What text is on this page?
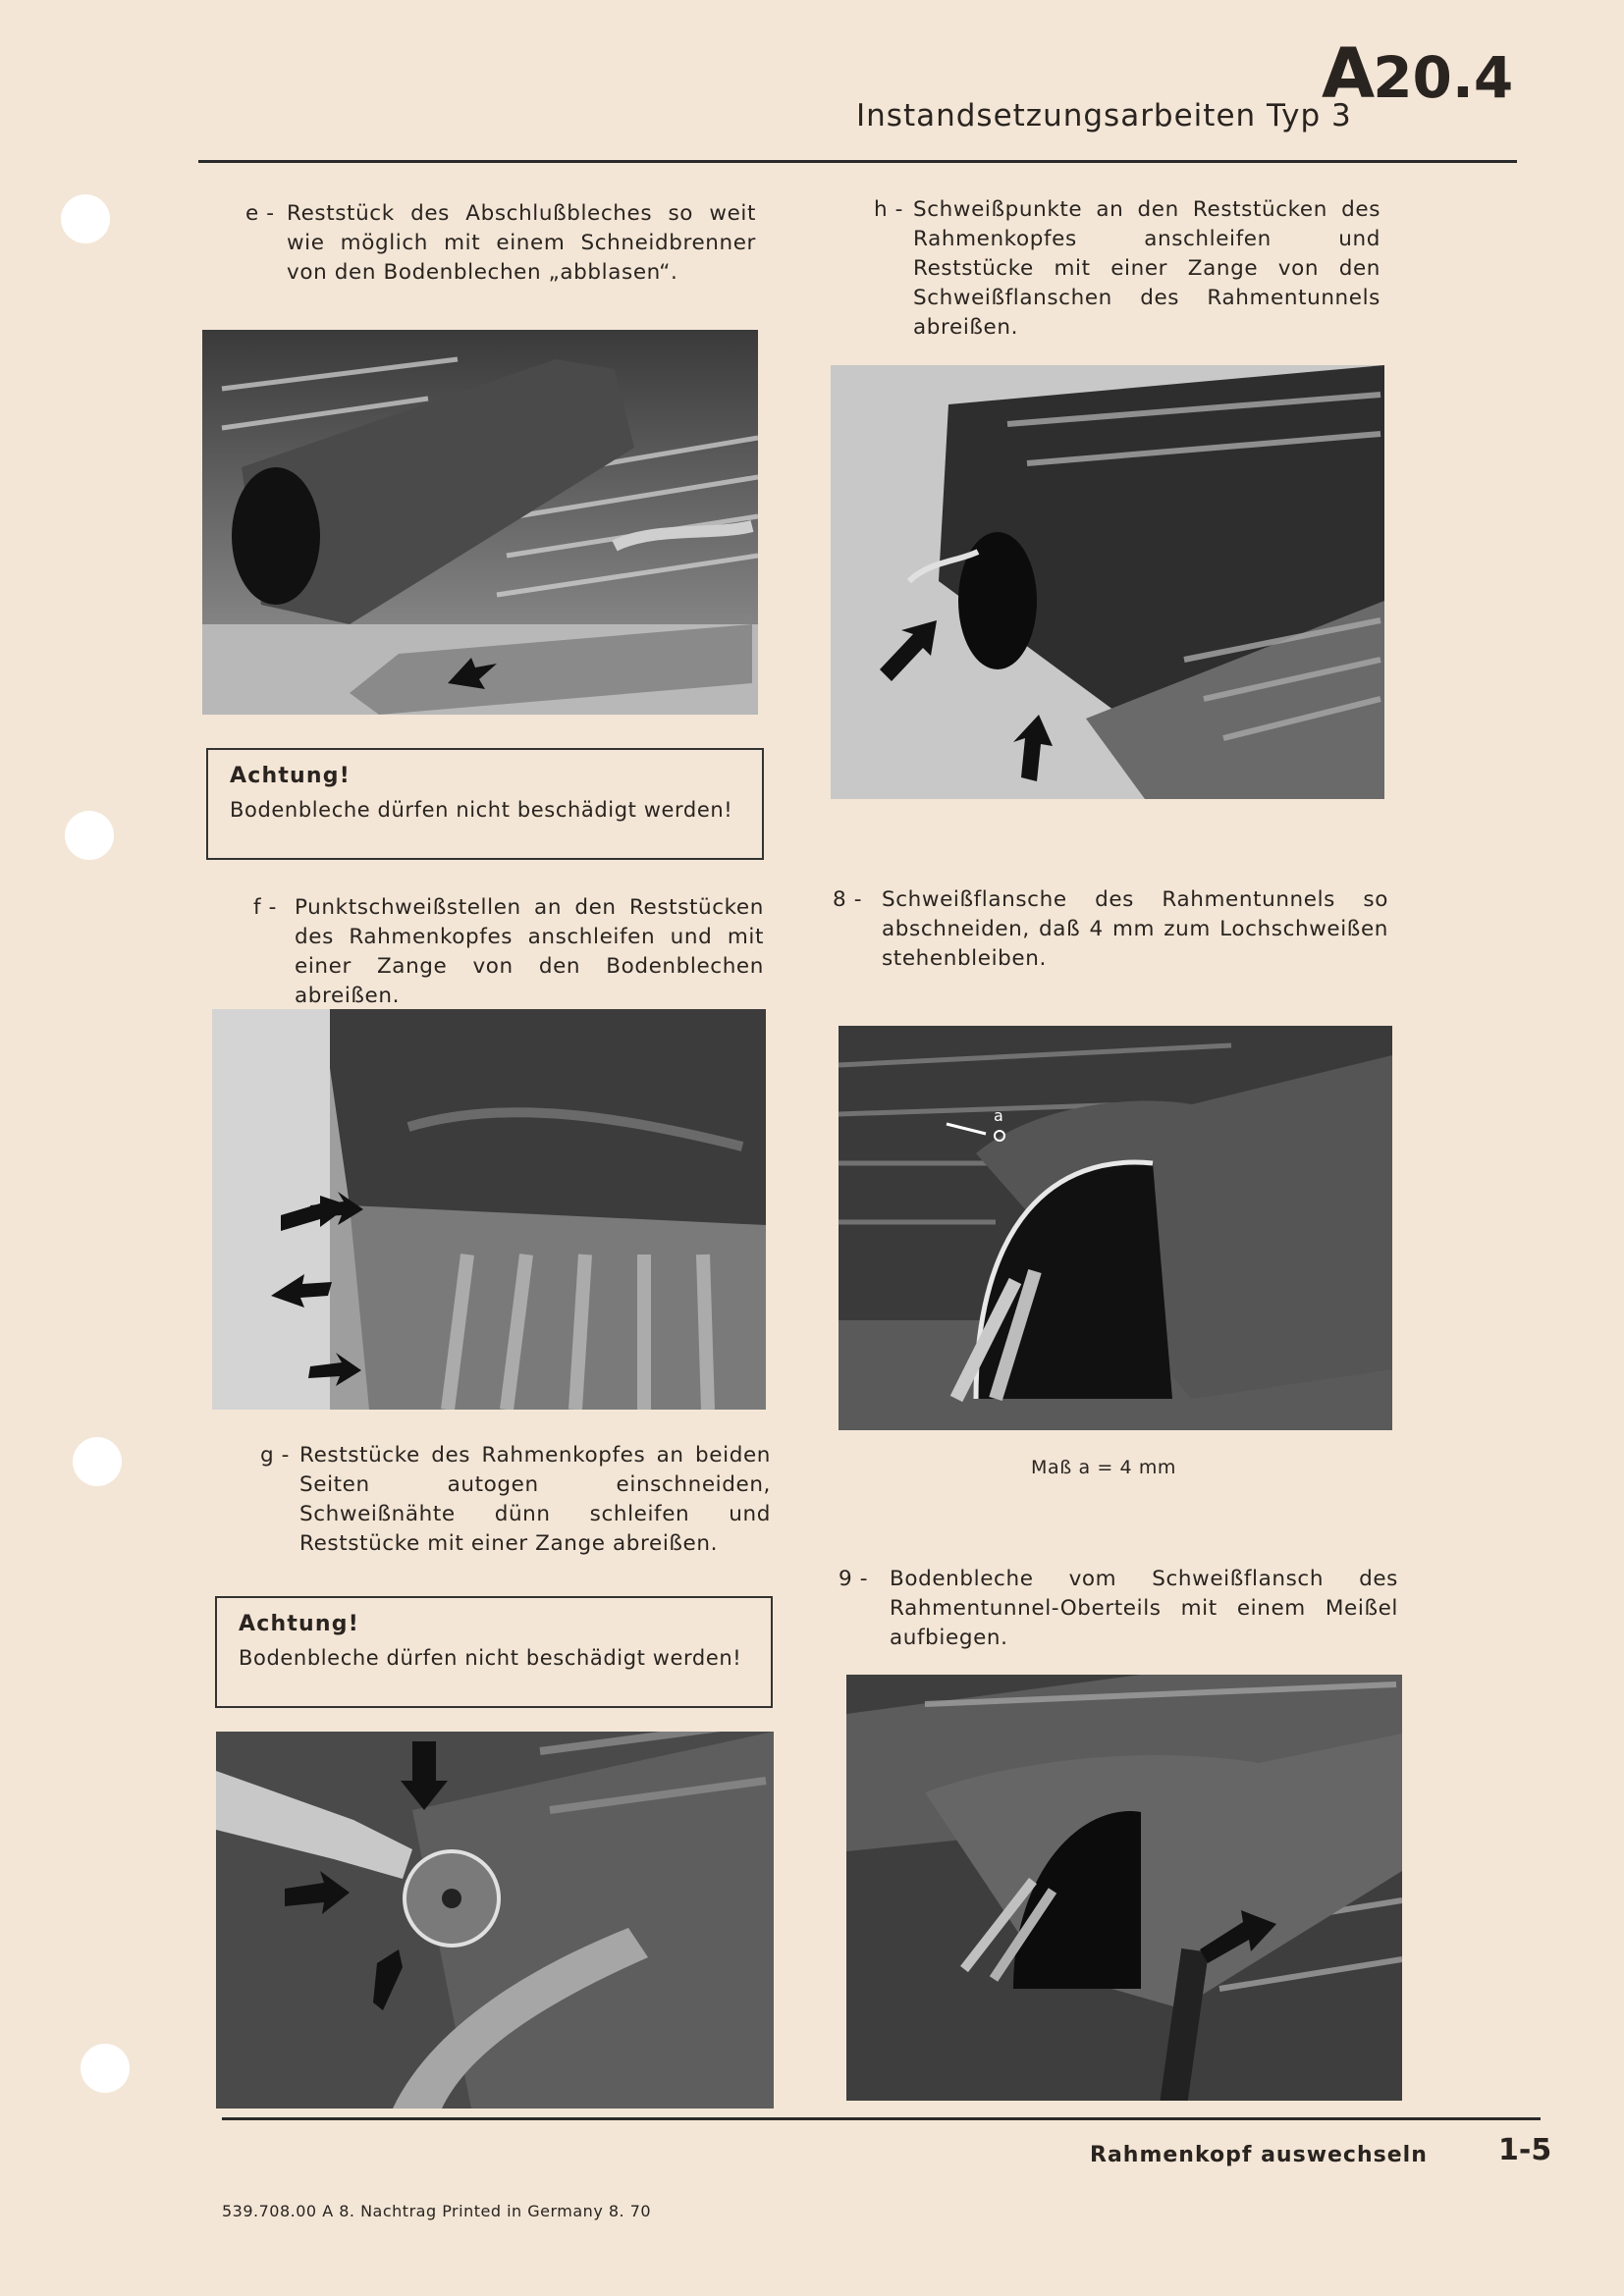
Instandsetzungsarbeiten Typ 3
A20.4
e - Reststück des Abschlußbleches so weit wie möglich mit einem Schneidbrenner von den Bodenblechen „abblasen“.
Achtung!
Bodenbleche dürfen nicht beschädigt werden!
f - Punktschweißstellen an den Reststücken des Rahmenkopfes anschleifen und mit einer Zange von den Bodenblechen abreißen.
g - Reststücke des Rahmenkopfes an beiden Seiten autogen einschneiden, Schweißnähte dünn schleifen und Reststücke mit einer Zange abreißen.
Achtung!
Bodenbleche dürfen nicht beschädigt werden!
h - Schweißpunkte an den Reststücken des Rahmenkopfes anschleifen und Reststücke mit einer Zange von den Schweißflanschen des Rahmentunnels abreißen.
8 - Schweißflansche des Rahmentunnels so abschneiden, daß 4 mm zum Lochschweißen stehenbleiben.
a
Maß a = 4 mm
9 -	Bodenbleche vom Schweißflansch des Rahmentunnel-Oberteils mit einem Meißel aufbiegen.
Rahmenkopf auswechseln 1-5
539.708.00 A 8. Nachtrag Printed in Germany 8. 70
